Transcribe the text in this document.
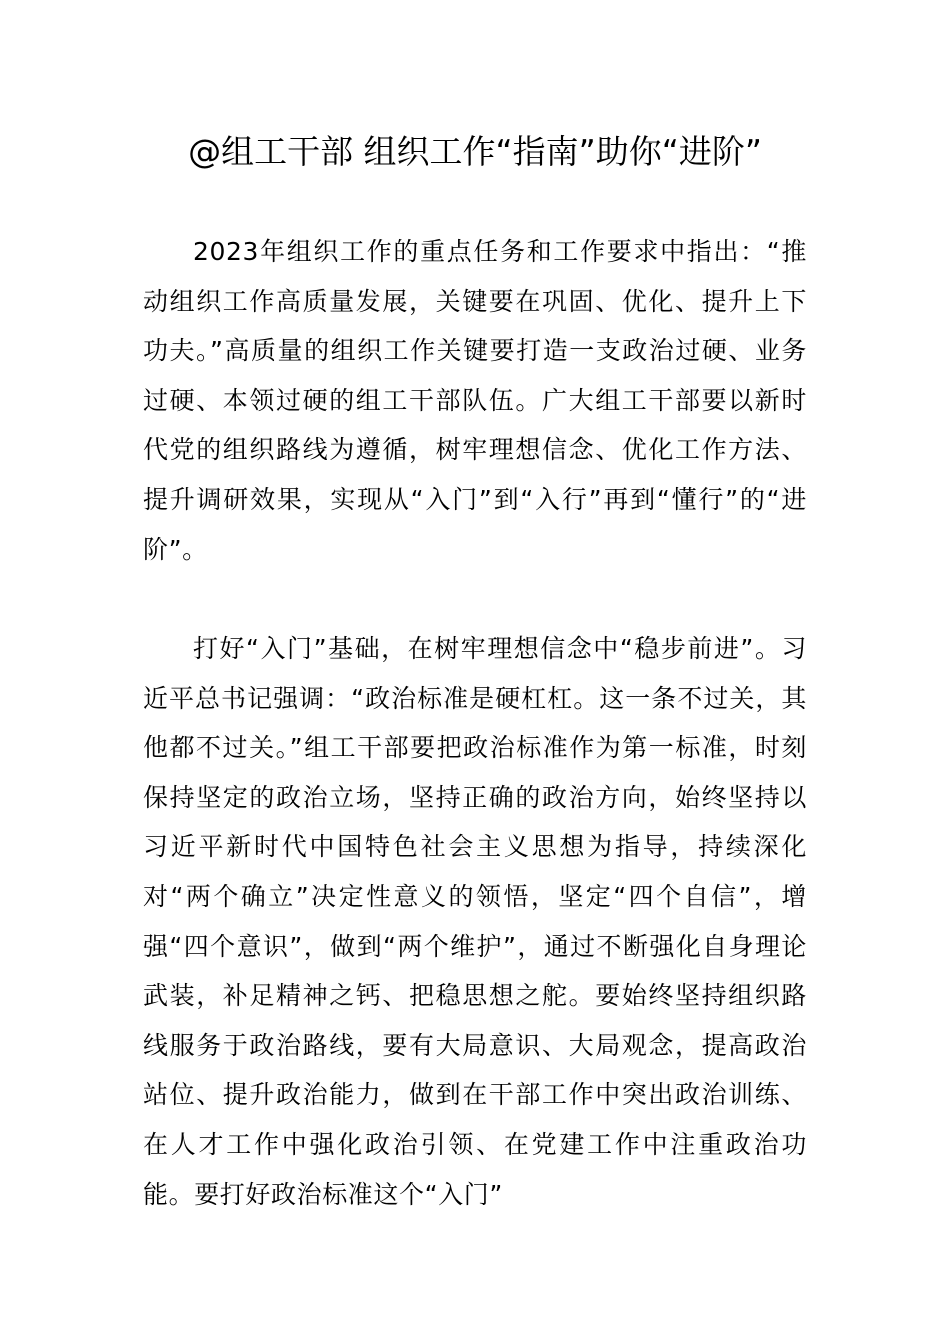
@组工干部 组织工作“指南”助你“进阶”

2023年组织工作的重点任务和工作要求中指出：“推动组织工作高质量发展，关键要在巩固、优化、提升上下功夫。”高质量的组织工作关键要打造一支政治过硬、业务过硬、本领过硬的组工干部队伍。广大组工干部要以新时代党的组织路线为遵循，树牢理想信念、优化工作方法、提升调研效果，实现从“入门”到“入行”再到“懂行”的“进阶”。

打好“入门”基础，在树牢理想信念中“稳步前进”。习近平总书记强调：“政治标准是硬杠杠。这一条不过关，其他都不过关。”组工干部要把政治标准作为第一标准，时刻保持坚定的政治立场，坚持正确的政治方向，始终坚持以习近平新时代中国特色社会主义思想为指导，持续深化对“两个确立”决定性意义的领悟，坚定“四个自信”，增强“四个意识”，做到“两个维护”，通过不断强化自身理论武装，补足精神之钙、把稳思想之舵。要始终坚持组织路线服务于政治路线，要有大局意识、大局观念，提高政治站位、提升政治能力，做到在干部工作中突出政治训练、在人才工作中强化政治引领、在党建工作中注重政治功能。要打好政治标准这个“入门”
